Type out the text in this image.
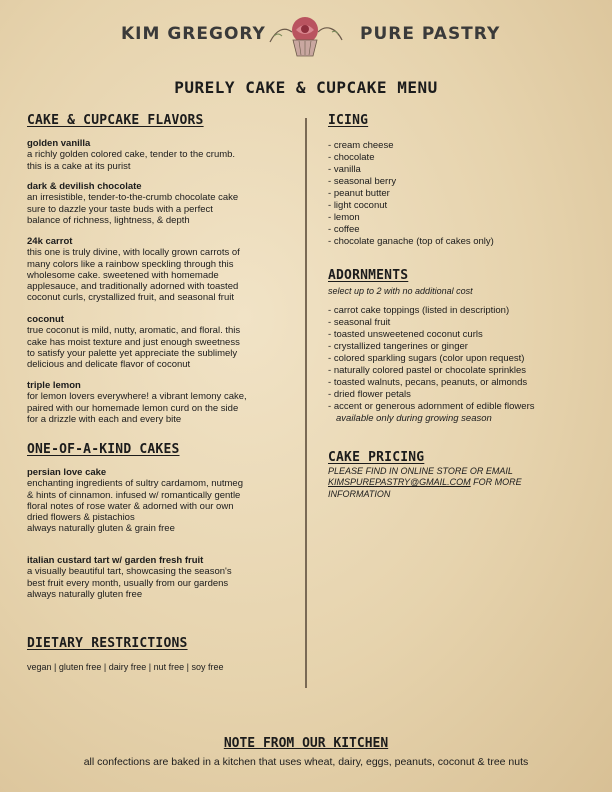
KIM GREGORY	PURE PASTRY
PURELY CAKE & CUPCAKE MENU
CAKE & CUPCAKE FLAVORS
golden vanilla
a richly golden colored cake, tender to the crumb.
this is a cake at its purist
dark & devilish chocolate
an irresistible, tender-to-the-crumb chocolate cake
sure to dazzle your taste buds with a perfect
balance of richness, lightness, & depth
24k carrot
this one is truly divine, with locally grown carrots of
many colors like a rainbow speckling through this
wholesome cake. sweetened with homemade
applesauce, and traditionally adorned with toasted
coconut curls, crystallized fruit, and seasonal fruit
coconut
true coconut is mild, nutty, aromatic, and floral. this
cake has moist texture and just enough sweetness
to satisfy your palette yet appreciate the sublimely
delicious and delicate flavor of coconut
triple lemon
for lemon lovers everywhere! a vibrant lemony cake,
paired with our homemade lemon curd on the side
for a drizzle with each and every bite
ONE-OF-A-KIND CAKES
persian love cake
enchanting ingredients of sultry cardamom, nutmeg
& hints of cinnamon. infused w/ romantically gentle
floral notes of rose water & adorned with our own
dried flowers & pistachios
always naturally gluten & grain free
italian custard tart w/ garden fresh fruit
a visually beautiful tart, showcasing the season's
best fruit every month, usually from our gardens
always naturally gluten free
DIETARY RESTRICTIONS

vegan | gluten free | dairy free | nut free | soy free

ICING
- cream cheese
- chocolate
- vanilla
- seasonal berry
- peanut butter
- light coconut
- lemon
- coffee
- chocolate ganache (top of cakes only)
ADORNMENTS

select up to 2 with no additional cost

- carrot cake toppings (listed in description)
- seasonal fruit
- toasted unsweetened coconut curls
- crystallized tangerines or ginger
- colored sparkling sugars (color upon request)
- naturally colored pastel or chocolate sprinkles
- toasted walnuts, pecans, peanuts, or almonds
- dried flower petals
- accent or generous adornment of edible flowers
available only during growing season
CAKE PRICING

PLEASE FIND IN ONLINE STORE OR EMAIL
KIMSPUREPASTRY@GMAIL.COM FOR MORE INFORMATION

NOTE FROM OUR KITCHEN

all confections are baked in a kitchen that uses wheat, dairy, eggs, peanuts, coconut & tree nuts
